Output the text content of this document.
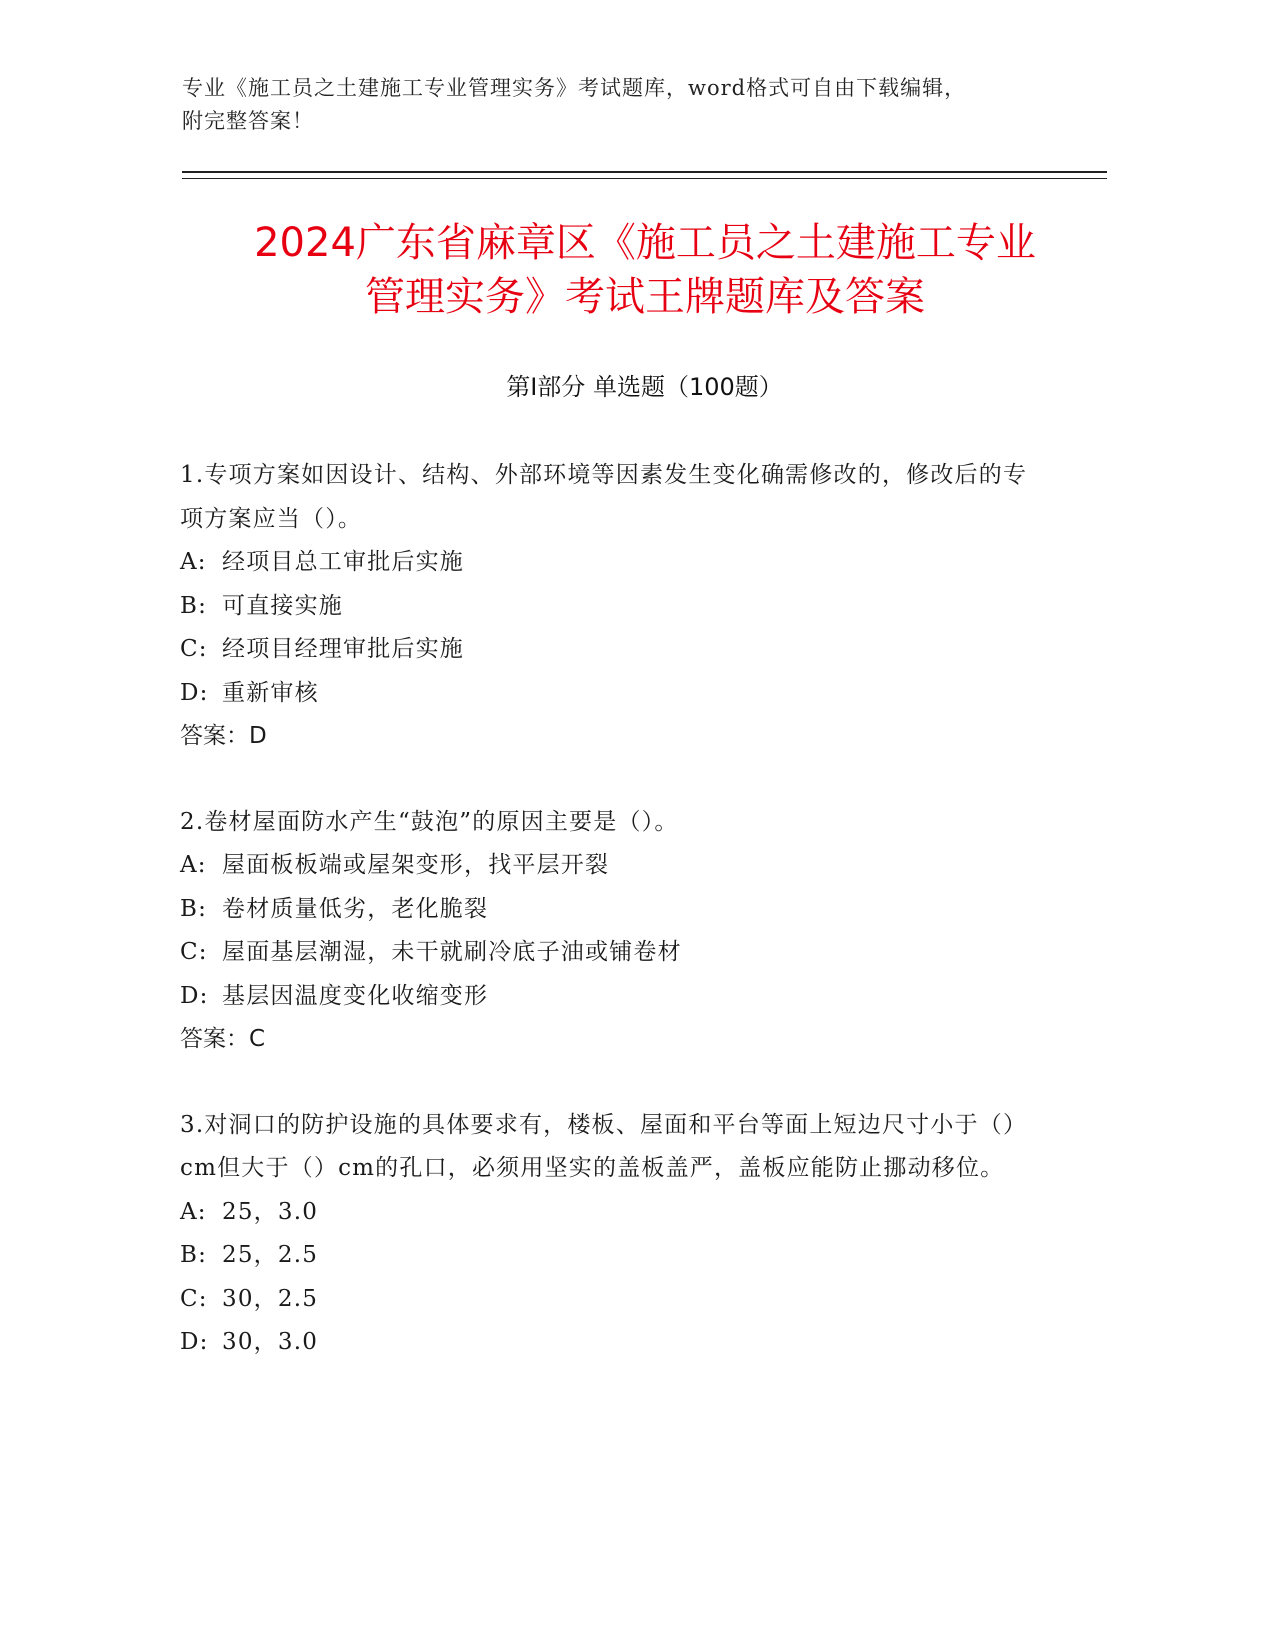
专业《施工员之土建施工专业管理实务》考试题库，word格式可自由下载编辑，
附完整答案！
2024广东省麻章区《施工员之土建施工专业
管理实务》考试王牌题库及答案
第Ⅰ部分 单选题（100题）
1.专项方案如因设计、结构、外部环境等因素发生变化确需修改的，修改后的专项方案应当（）。
A: 经项目总工审批后实施
B: 可直接实施
C: 经项目经理审批后实施
D: 重新审核
答案：D
2.卷材屋面防水产生“鼓泡”的原因主要是（）。
A: 屋面板板端或屋架变形，找平层开裂
B: 卷材质量低劣，老化脆裂
C: 屋面基层潮湿，未干就刷冷底子油或铺卷材
D: 基层因温度变化收缩变形
答案：C
3.对洞口的防护设施的具体要求有，楼板、屋面和平台等面上短边尺寸小于（）cm但大于（）cm的孔口，必须用坚实的盖板盖严，盖板应能防止挪动移位。
A: 25，3.0
B: 25，2.5
C: 30，2.5
D: 30，3.0
